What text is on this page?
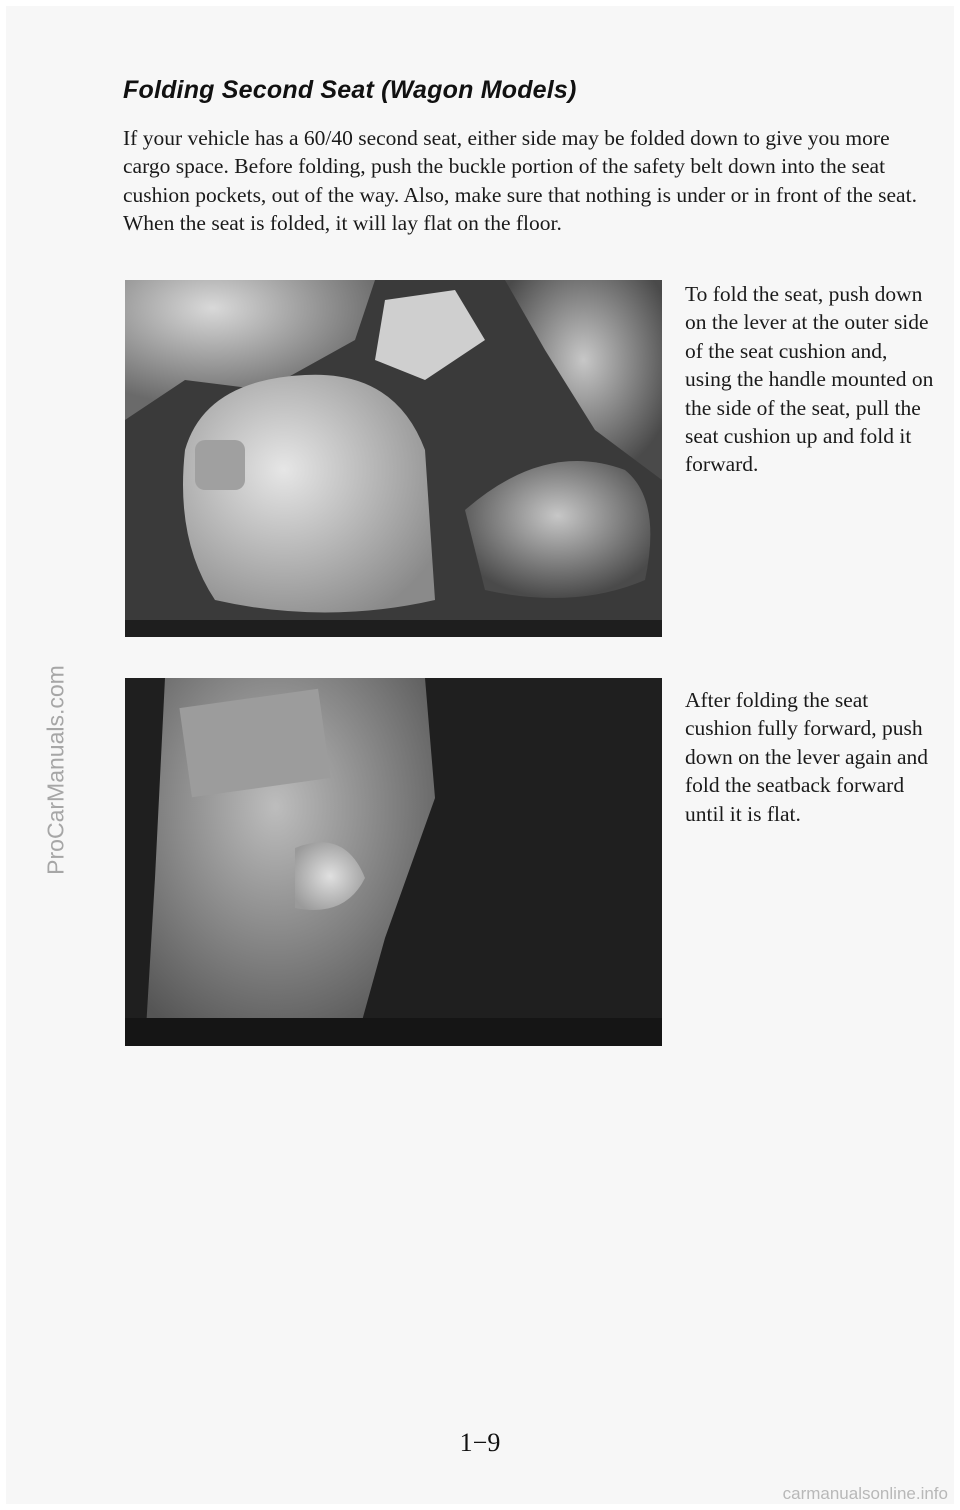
Folding Second Seat (Wagon Models)

If your vehicle has a 60/40 second seat, either side may be folded down to give you more cargo space. Before folding, push the buckle portion of the safety belt down into the seat cushion pockets, out of the way. Also, make sure that nothing is under or in front of the seat. When the seat is folded, it will lay flat on the floor.

To fold the seat, push down on the lever at the outer side of the seat cushion and, using the handle mounted on the side of the seat, pull the seat cushion up and fold it forward.

After folding the seat cushion fully forward, push down on the lever again and fold the seatback forward until it is flat.

1−9
ProCarManuals.com
carmanualsonline.info
